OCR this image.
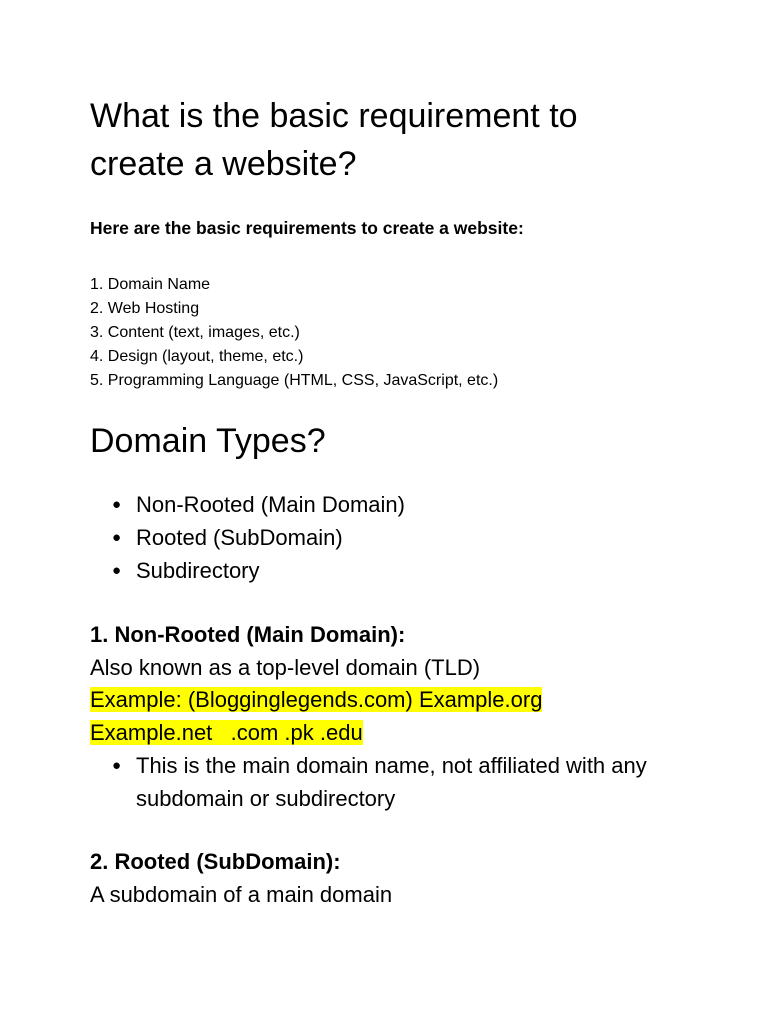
What is the basic requirement to
create a website?

Here are the basic requirements to create a website:

1. Domain Name
2. Web Hosting
3. Content (text, images, etc.)
4. Design (layout, theme, etc.)
5. Programming Language (HTML, CSS, JavaScript, etc.)
Domain Types?
● Non-Rooted (Main Domain)
● Rooted (SubDomain)
● Subdirectory
1. Non-Rooted (Main Domain):

Also known as a top-level domain (TLD)

Example: (Blogginglegends.com) Example.org

Example.net   .com .pk .edu

● This is the main domain name, not affiliated with any subdomain or subdirectory
2. Rooted (SubDomain):

A subdomain of a main domain
